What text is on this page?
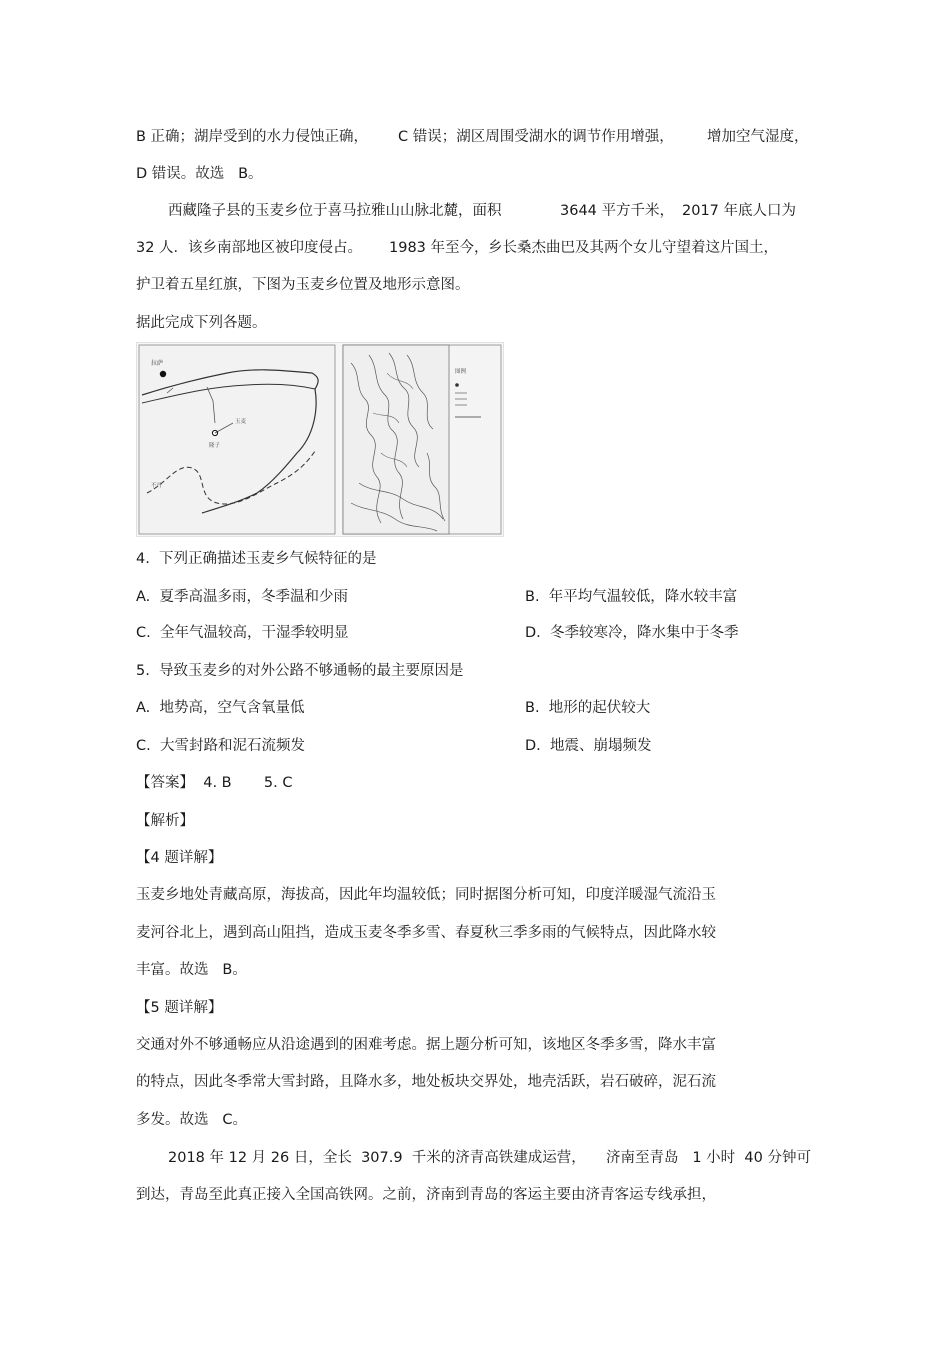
B 正确；湖岸受到的水力侵蚀正确， C 错误；湖区周围受湖水的调节作用增强， 增加空气湿度，
D 错误。故选   B。
西藏隆子县的玉麦乡位于喜马拉雅山山脉北麓，面积	3644 平方千米， 2017 年底人口为
32 人．该乡南部地区被印度侵占。 1983 年至今， 乡长桑杰曲巴及其两个女儿守望着这片国土，
护卫着五星红旗，下图为玉麦乡位置及地形示意图。
据此完成下列各题。
拉萨
玉麦
隆子
不丹
图例
4.  下列正确描述玉麦乡气候特征的是
A.  夏季高温多雨，冬季温和少雨	B.  年平均气温较低，降水较丰富
C.  全年气温较高，干湿季较明显	D.  冬季较寒冷，降水集中于冬季
5.  导致玉麦乡的对外公路不够通畅的最主要原因是
A.  地势高，空气含氧量低	B.  地形的起伏较大
C.  大雪封路和泥石流频发	D.  地震、崩塌频发
【答案】  4. B       5. C
【解析】
【4 题详解】
玉麦乡地处青藏高原，海拔高，因此年均温较低；同时据图分析可知，印度洋暖湿气流沿玉
麦河谷北上，遇到高山阻挡，造成玉麦冬季多雪、春夏秋三季多雨的气候特点，因此降水较
丰富。故选   B。
【5 题详解】
交通对外不够通畅应从沿途遇到的困难考虑。据上题分析可知，该地区冬季多雪，降水丰富
的特点，因此冬季常大雪封路，且降水多，地处板块交界处，地壳活跃，岩石破碎，泥石流
多发。故选   C。
2018 年 12 月 26 日，全长  307.9  千米的济青高铁建成运营， 济南至青岛   1 小时  40 分钟可
到达，青岛至此真正接入全国高铁网。之前，济南到青岛的客运主要由济青客运专线承担，
